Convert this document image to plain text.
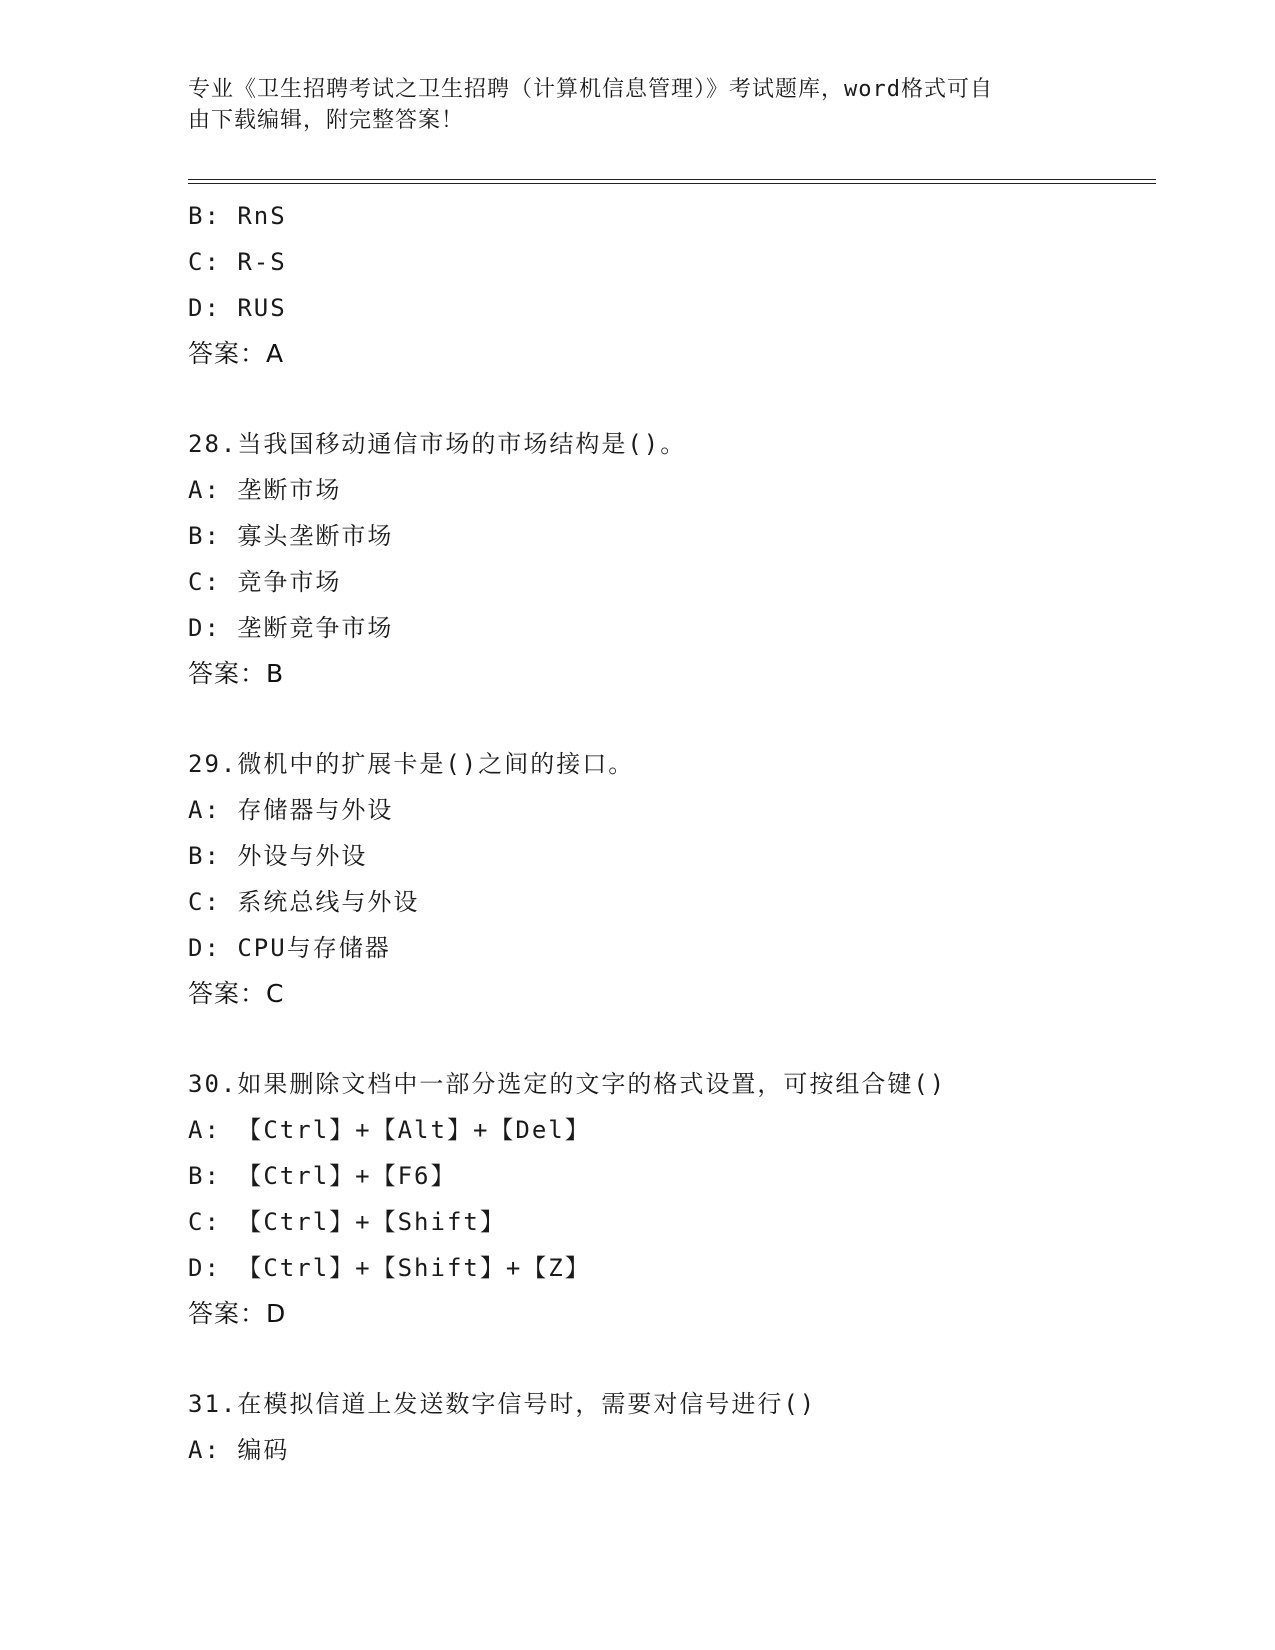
专业《卫生招聘考试之卫生招聘（计算机信息管理）》考试题库，word格式可自
由下载编辑，附完整答案！
B: RnS
C: R-S
D: RUS
答案：A
28.当我国移动通信市场的市场结构是()。
A: 垄断市场
B: 寡头垄断市场
C: 竞争市场
D: 垄断竞争市场
答案：B
29.微机中的扩展卡是()之间的接口。
A: 存储器与外设
B: 外设与外设
C: 系统总线与外设
D: CPU与存储器
答案：C
30.如果删除文档中一部分选定的文字的格式设置，可按组合键()
A: 【Ctrl】+【Alt】+【Del】
B: 【Ctrl】+【F6】
C: 【Ctrl】+【Shift】
D: 【Ctrl】+【Shift】+【Z】
答案：D
31.在模拟信道上发送数字信号时，需要对信号进行()
A: 编码
